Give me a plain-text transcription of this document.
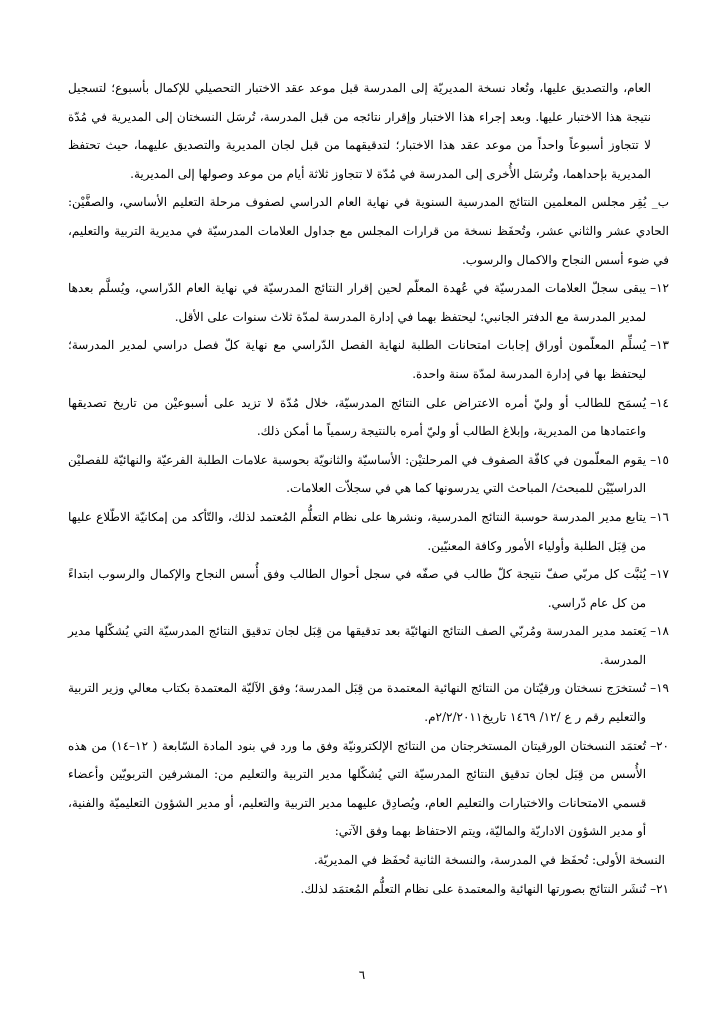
العام، والتصديق عليها، وتُعاد نسخة المديريّة إلى المدرسة قبل موعد عقد الاختبار التحصيلي للإكمال بأسبوع؛ لتسجيل نتيجة هذا الاختبار عليها. وبعد إجراء هذا الاختبار وإقرار نتائجه من قبل المدرسة، تُرسَل النسختان إلى المديرية في مُدّة لا تتجاوز أسبوعاً واحداً من موعد عقد هذا الاختبار؛ لتدقيقهما من قبل لجان المديرية والتصديق عليهما، حيث تحتفظ المديرية بإحداهما، وتُرسَل الأُخرى إلى المدرسة في مُدّة لا تتجاوز ثلاثة أيام من موعد وصولها إلى المديرية.

ب_ يُقِر مجلس المعلمين النتائج المدرسية السنوية في نهاية العام الدراسي لصفوف مرحلة التعليم الأساسي، والصفَّيْن: الحادي عشر والثاني عشر، وتُحفَظ نسخة من قرارات المجلس مع جداول العلامات المدرسيّة في مديرية التربية والتعليم، في ضوء أسس النجاح والاكمال والرسوب.

١٢–
يبقى سجلّ العلامات المدرسيّة في عُهدة المعلّم لحين إقرار النتائج المدرسيّة في نهاية العام الدّراسي، ويُسلَّم بعدها لمدير المدرسة مع الدفتر الجانبي؛ ليحتفظ بهما في إدارة المدرسة لمدّة ثلاث سنوات على الأقل.
١٣–
يُسلِّم المعلّمون أوراق إجابات امتحانات الطلبة لنهاية الفصل الدّراسي مع نهاية كلّ فصل دراسي لمدير المدرسة؛ ليحتفظ بها في إدارة المدرسة لمدّة سنة واحدة.
١٤–
يُسمَح للطالب أو وليّ أمره الاعتراض على النتائج المدرسيّة، خلال مُدّة لا تزيد على أسبوعيْن من تاريخ تصديقها واعتمادها من المديرية، وإبلاغ الطالب أو وليّ أمره بالنتيجة رسمياً ما أمكن ذلك.
١٥–
يقوم المعلّمون في كافّة الصفوف في المرحلتيْن: الأساسيّة والثانويّة بحوسبة علامات الطلبة الفرعيّة والنهائيّة للفصليْن الدراسيّيْن للمبحث/ المباحث التي يدرسونها كما هي في سجلاّت العلامات.
١٦–
يتابع مدير المدرسة حوسبة النتائج المدرسية، ونشرها على نظام التعلُّم المُعتمد لذلك، والتّأكد من إمكانيّة الاطّلاع عليها من قِبَل الطلبة وأولياء الأمور وكافة المعنيّين.
١٧–
يُثبَّت كل مربّي صفّ نتيجة كلّ طالب في صفّه في سجل أحوال الطالب وفق أُسس النجاح والإكمال والرسوب ابتداءً من كل عام دّراسي.
١٨–
يَعتمد مدير المدرسة ومُربّي الصف النتائج النهائيّة بعد تدقيقها من قِبَل لجان تدقيق النتائج المدرسيّة التي يُشكّلها مدير المدرسة.
١٩–
تُستخرَج نسختان ورقيّتان من النتائج النهائية المعتمدة من قِبَل المدرسة؛ وفق الآليّة المعتمدة بكتاب معالي وزير التربية والتعليم رقم ر ع /١٢/ ١٤٦٩ تاريخ٢/٢/٢٠١١م.
٢٠–
تُعتمَد النسختان الورقيتان المستخرجتان من النتائج الإلكترونيّة وفق ما ورد في بنود المادة السّابعة ( ١٢–١٤) من هذه الأُسس من قِبَل لجان تدقيق النتائج المدرسيّة التي يُشكّلها مدير التربية والتعليم من: المشرفين التربويّين وأعضاء قسمي الامتحانات والاختبارات والتعليم العام، ويُصادِق عليهما مدير التربية والتعليم، أو مدير الشؤون التعليميّة والفنية، أو مدير الشؤون الاداريّة والماليّة، ويتم الاحتفاظ بهما وفق الآتي:
النسخة الأولى: تُحفَظ في المدرسة، والنسخة الثانية تُحفَظ في المديريّة.
٢١–
تُنشَر النتائج بصورتها النهائية والمعتمدة على نظام التعلُّم المُعتمَد لذلك.
٦
